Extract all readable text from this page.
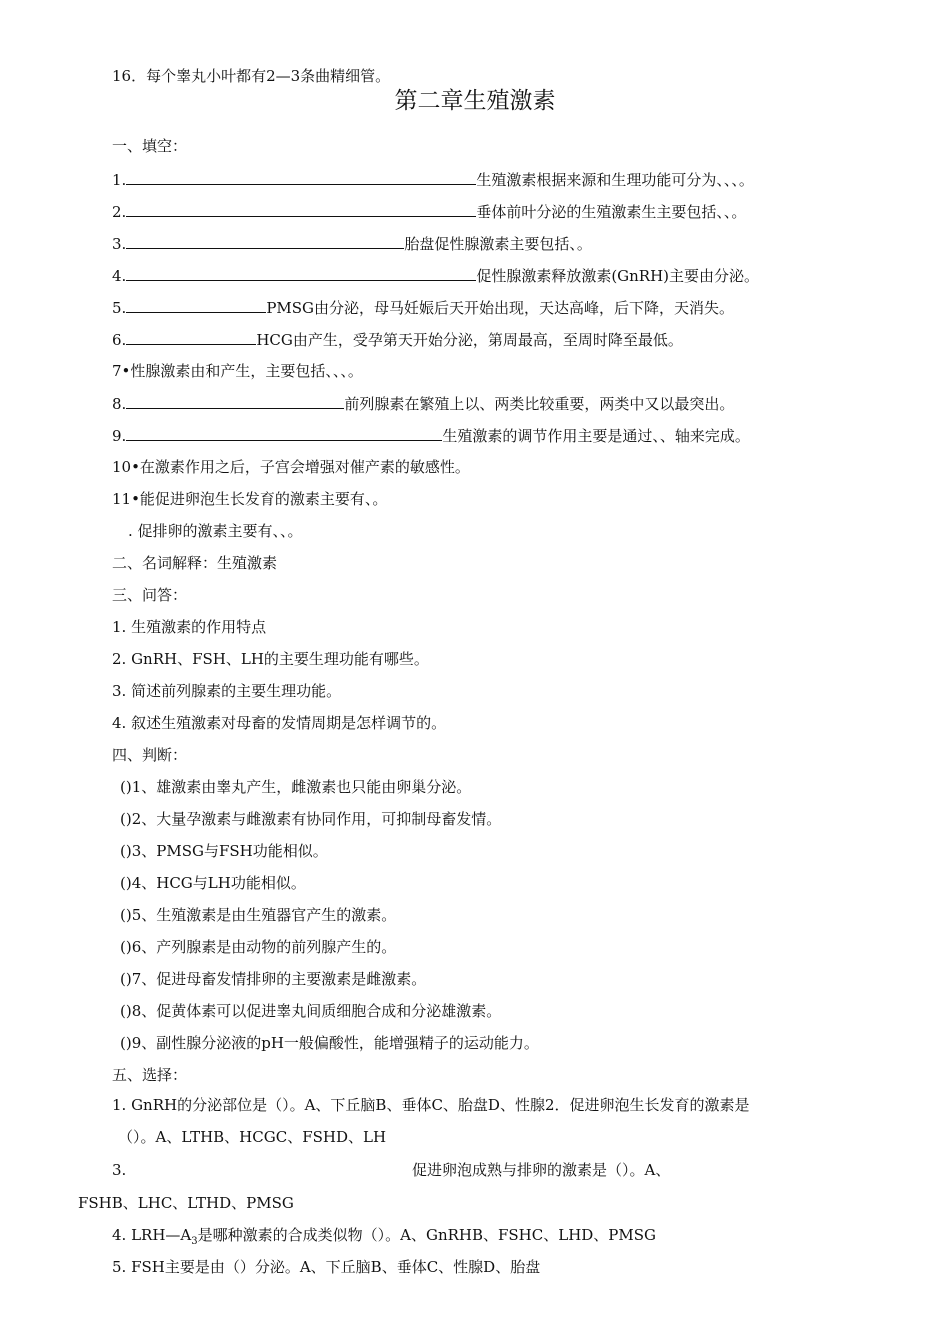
16．每个睾丸小叶都有2—3条曲精细管。
第二章生殖激素
一、填空：
1.	生殖激素根据来源和生理功能可分为、、、。
2.	垂体前叶分泌的生殖激素生主要包括、、。
3.	胎盘促性腺激素主要包括、。
4.	促性腺激素释放激素(GnRH)主要由分泌。
5.	PMSG由分泌，母马妊娠后天开始出现，天达高峰，后下降，天消失。
6.	HCG由产生，受孕第天开始分泌，第周最高，至周时降至最低。
7•性腺激素由和产生，主要包括、、、。
8.	前列腺素在繁殖上以、两类比较重要，两类中又以最突出。
9.	生殖激素的调节作用主要是通过、、轴来完成。
10•在激素作用之后，子宫会增强对催产素的敏感性。
11•能促进卵泡生长发育的激素主要有、。
. 促排卵的激素主要有、、。
二、名词解释：生殖激素
三、问答：
1. 生殖激素的作用特点
2. GnRH、FSH、LH的主要生理功能有哪些。
3. 简述前列腺素的主要生理功能。
4. 叙述生殖激素对母畜的发情周期是怎样调节的。
四、判断：
()1、雄激素由睾丸产生，雌激素也只能由卵巢分泌。
()2、大量孕激素与雌激素有协同作用，可抑制母畜发情。
()3、PMSG与FSH功能相似。
()4、HCG与LH功能相似。
()5、生殖激素是由生殖器官产生的激素。
()6、产列腺素是由动物的前列腺产生的。
()7、促进母畜发情排卵的主要激素是雌激素。
()8、促黄体素可以促进睾丸间质细胞合成和分泌雄激素。
()9、副性腺分泌液的pH一般偏酸性，能增强精子的运动能力。
五、选择：
1. GnRH的分泌部位是（）。A、下丘脑B、垂体C、胎盘D、性腺2．促进卵泡生长发育的激素是
（）。A、LTHB、HCGC、FSHD、LH
3.	促进卵泡成熟与排卵的激素是（）。A、
FSHB、LHC、LTHD、PMSG
4. $LRH—A_3$是哪种激素的合成类似物（）。A、GnRHB、FSHC、LHD、PMSG
5. FSH主要是由（）分泌。A、下丘脑B、垂体C、性腺D、胎盘
